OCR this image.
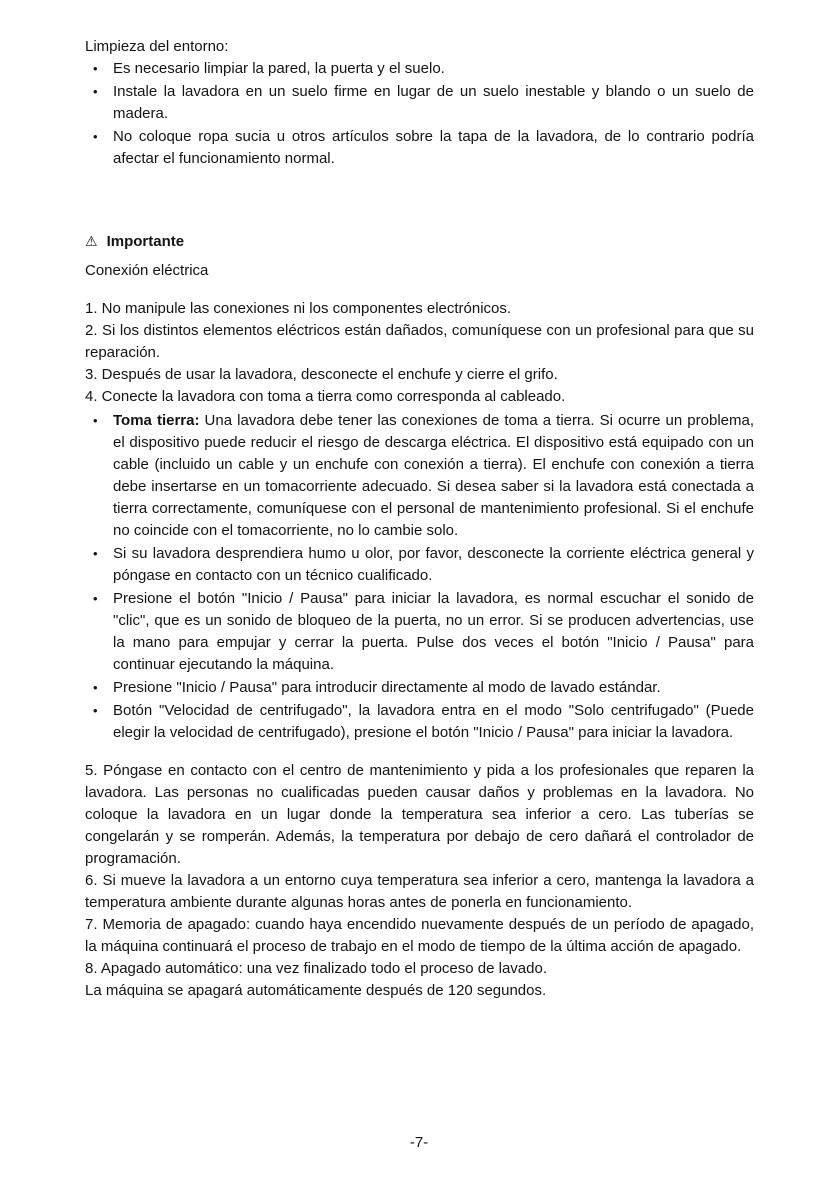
Limpieza del entorno:
•	Es necesario limpiar la pared, la puerta y el suelo.
•	Instale la lavadora en un suelo firme en lugar de un suelo inestable y blando o un suelo de madera.
•	No coloque ropa sucia u otros artículos sobre la tapa de la lavadora, de lo contrario podría afectar el funcionamiento normal.
⚠ Importante

Conexión eléctrica

1. No manipule las conexiones ni los componentes electrónicos.

2. Si los distintos elementos eléctricos están dañados, comuníquese con un profesional para que su reparación.

3. Después de usar la lavadora, desconecte el enchufe y cierre el grifo.

4. Conecte la lavadora con toma a tierra como corresponda al cableado.

•	Toma tierra: Una lavadora debe tener las conexiones de toma a tierra. Si ocurre un problema, el dispositivo puede reducir el riesgo de descarga eléctrica. El dispositivo está equipado con un cable (incluido un cable y un enchufe con conexión a tierra). El enchufe con conexión a tierra debe insertarse en un tomacorriente adecuado. Si desea saber si la lavadora está conectada a tierra correctamente, comuníquese con el personal de mantenimiento profesional. Si el enchufe no coincide con el tomacorriente, no lo cambie solo.
•	Si su lavadora desprendiera humo u olor, por favor, desconecte la corriente eléctrica general y póngase en contacto con un técnico cualificado.
•	Presione el botón "Inicio / Pausa" para iniciar la lavadora, es normal escuchar el sonido de "clic", que es un sonido de bloqueo de la puerta, no un error. Si se producen advertencias, use la mano para empujar y cerrar la puerta. Pulse dos veces el botón "Inicio / Pausa" para continuar ejecutando la máquina.
•	Presione "Inicio / Pausa" para introducir directamente al modo de lavado estándar.
•	Botón "Velocidad de centrifugado", la lavadora entra en el modo "Solo centrifugado" (Puede elegir la velocidad de centrifugado), presione el botón "Inicio / Pausa" para iniciar la lavadora.

5. Póngase en contacto con el centro de mantenimiento y pida a los profesionales que reparen la lavadora. Las personas no cualificadas pueden causar daños y problemas en la lavadora. No coloque la lavadora en un lugar donde la temperatura sea inferior a cero. Las tuberías se congelarán y se romperán. Además, la temperatura por debajo de cero dañará el controlador de programación.

6. Si mueve la lavadora a un entorno cuya temperatura sea inferior a cero, mantenga la lavadora a temperatura ambiente durante algunas horas antes de ponerla en funcionamiento.

7. Memoria de apagado: cuando haya encendido nuevamente después de un período de apagado, la máquina continuará el proceso de trabajo en el modo de tiempo de la última acción de apagado.

8. Apagado automático: una vez finalizado todo el proceso de lavado.

La máquina se apagará automáticamente después de 120 segundos.

-7-
